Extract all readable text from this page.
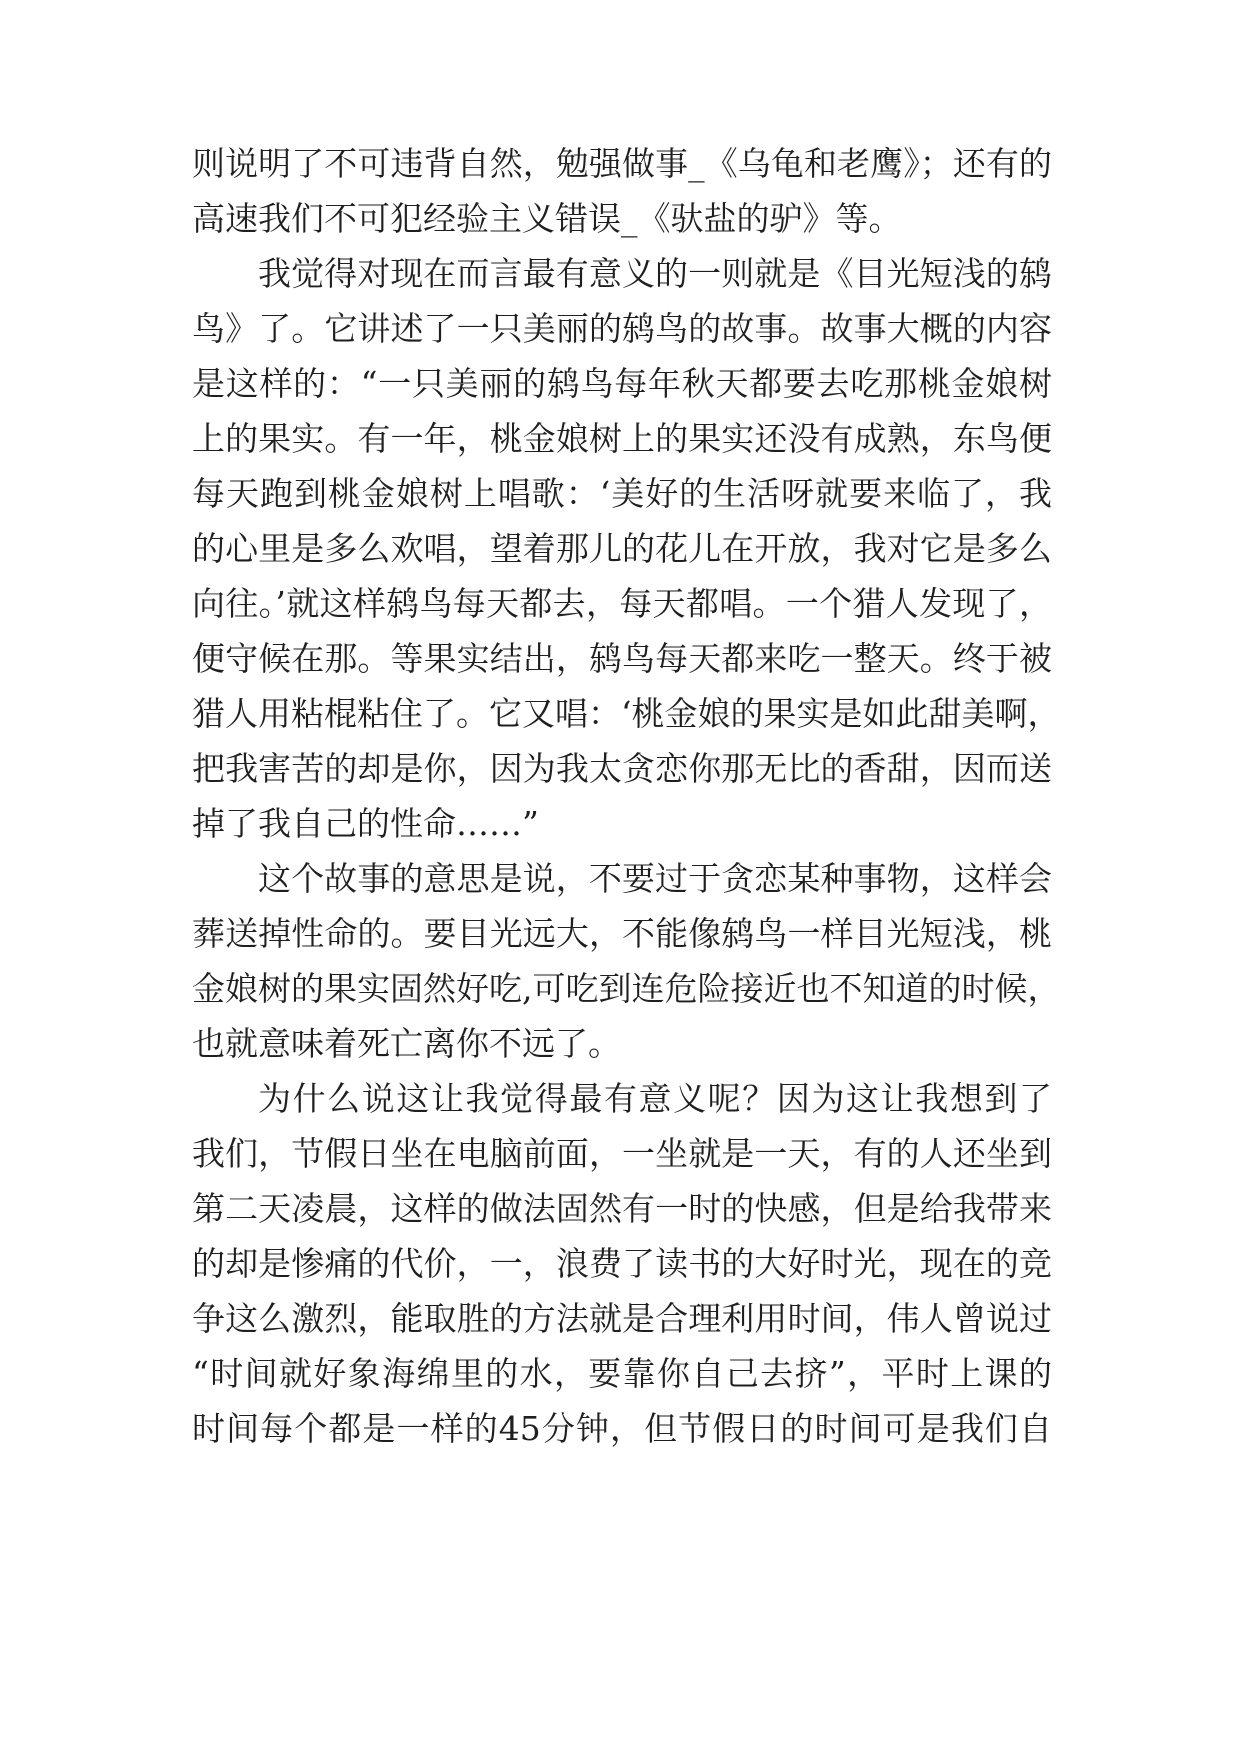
则说明了不可违背自然，勉强做事_《乌龟和老鹰》；还有的
高速我们不可犯经验主义错误_《驮盐的驴》等。
我觉得对现在而言最有意义的一则就是《目光短浅的鸫
鸟》了。它讲述了一只美丽的鸫鸟的故事。故事大概的内容
是这样的：“一只美丽的鸫鸟每年秋天都要去吃那桃金娘树
上的果实。有一年，桃金娘树上的果实还没有成熟，东鸟便
每天跑到桃金娘树上唱歌：‘美好的生活呀就要来临了，我
的心里是多么欢唱，望着那儿的花儿在开放，我对它是多么
向往。’就这样鸫鸟每天都去，每天都唱。一个猎人发现了，
便守候在那。等果实结出，鸫鸟每天都来吃一整天。终于被
猎人用粘棍粘住了。它又唱：‘桃金娘的果实是如此甜美啊，
把我害苦的却是你，因为我太贪恋你那无比的香甜，因而送
掉了我自己的性命……”
这个故事的意思是说，不要过于贪恋某种事物，这样会
葬送掉性命的。要目光远大，不能像鸫鸟一样目光短浅，桃
金娘树的果实固然好吃,可吃到连危险接近也不知道的时候，
也就意味着死亡离你不远了。
为什么说这让我觉得最有意义呢？因为这让我想到了
我们，节假日坐在电脑前面，一坐就是一天，有的人还坐到
第二天凌晨，这样的做法固然有一时的快感，但是给我带来
的却是惨痛的代价，一，浪费了读书的大好时光，现在的竞
争这么激烈，能取胜的方法就是合理利用时间，伟人曾说过
“时间就好象海绵里的水，要靠你自己去挤”，平时上课的
时间每个都是一样的45分钟，但节假日的时间可是我们自
